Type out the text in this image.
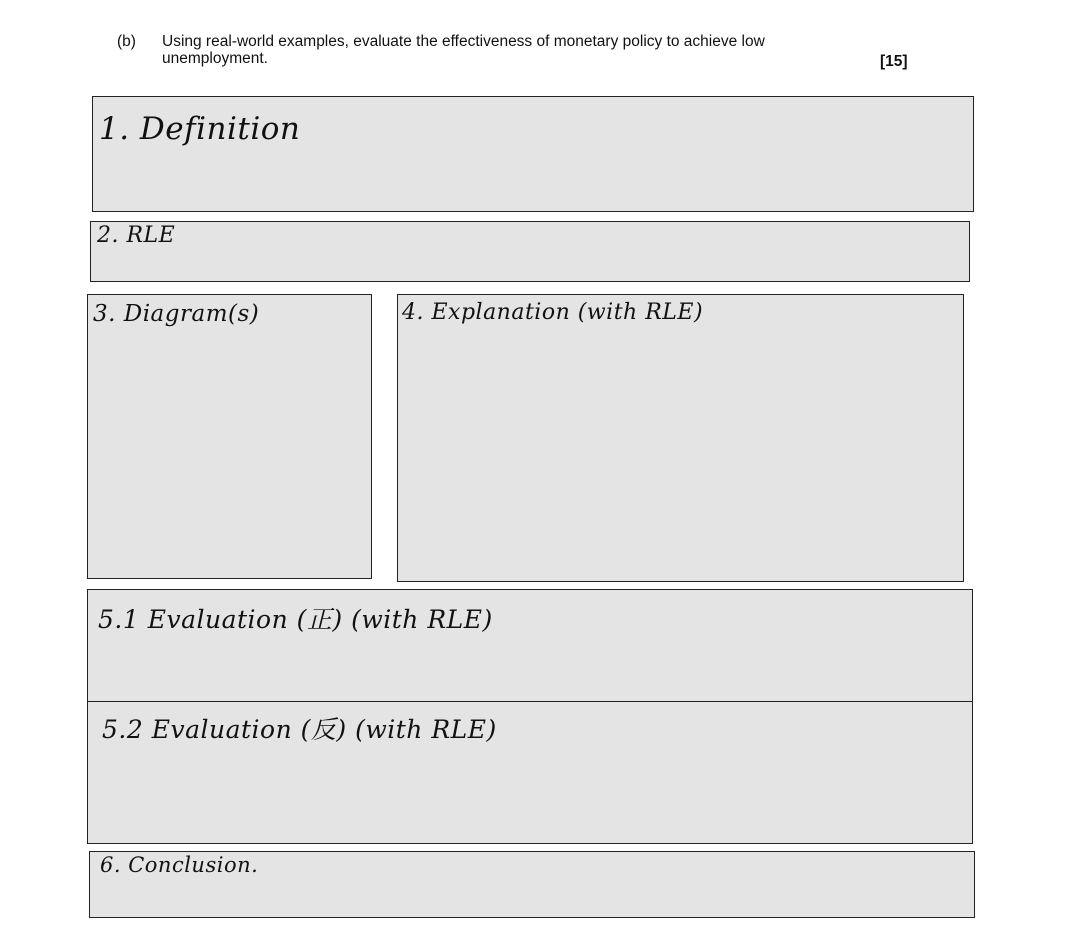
(b) Using real-world examples, evaluate the effectiveness of monetary policy to achieve low unemployment.	[15]
1. Definition
2. RLE
3. Diagram(s)	4. Explanation (with RLE)
5.1 Evaluation (正) (with RLE)
5.2 Evaluation (反) (with RLE)
6. Conclusion.
